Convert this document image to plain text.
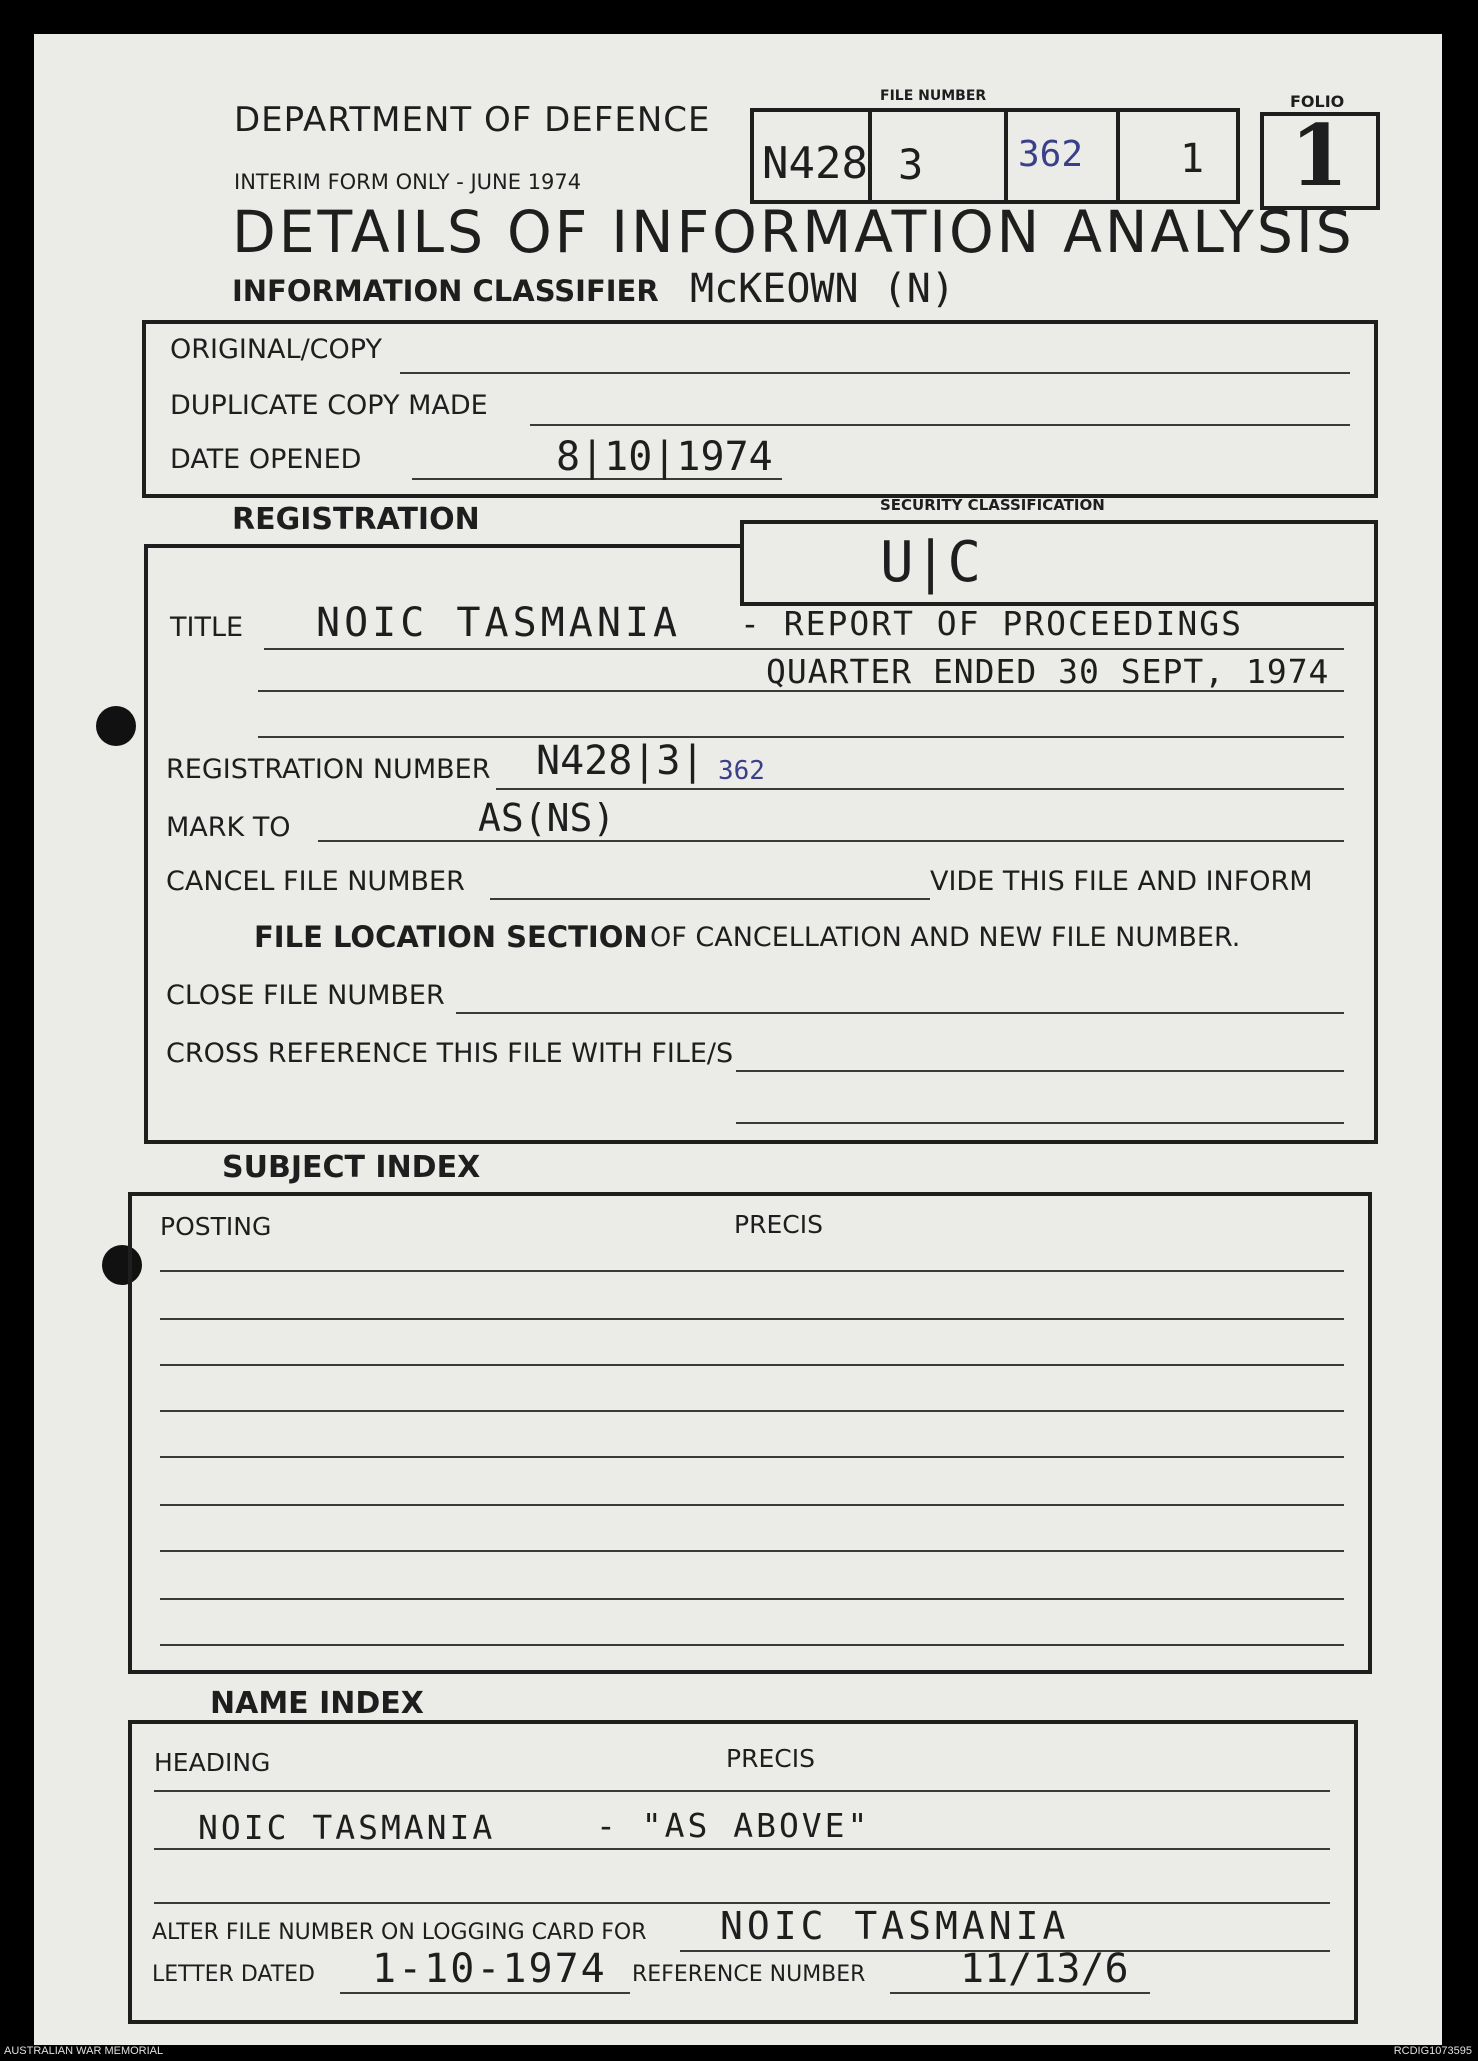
DEPARTMENT OF DEFENCE
INTERIM FORM ONLY - JUNE 1974
DETAILS OF INFORMATION ANALYSIS
INFORMATION CLASSIFIER McKEOWN (N)
FILE NUMBER
N428 3	362 1
FOLIO
1
ORIGINAL/COPY
DUPLICATE COPY MADE
DATE OPENED	8|10|1974
REGISTRATION	SECURITY CLASSIFICATION
U|C
TITLE NOIC TASMANIA - REPORT OF PROCEEDINGS
QUARTER ENDED 30 SEPT, 1974
REGISTRATION NUMBER N428|3| 362
MARK TO	AS(NS)
CANCEL FILE NUMBER	VIDE THIS FILE AND INFORM
FILE LOCATION SECTION OF CANCELLATION AND NEW FILE NUMBER.
CLOSE FILE NUMBER
CROSS REFERENCE THIS FILE WITH FILE/S
SUBJECT INDEX
POSTING	PRECIS
NAME INDEX
HEADING	PRECIS
NOIC TASMANIA	- "AS ABOVE"
ALTER FILE NUMBER ON LOGGING CARD FOR NOIC TASMANIA
LETTER DATED 1-10-1974 REFERENCE NUMBER 11/13/6
AUSTRALIAN WAR MEMORIAL	RCDIG1073595
